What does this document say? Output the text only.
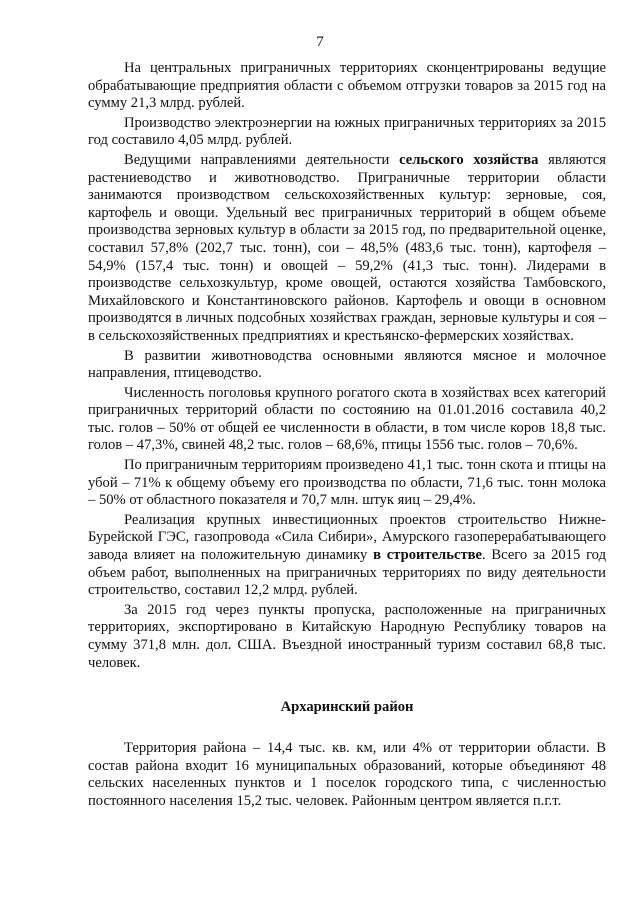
7

На центральных приграничных территориях сконцентрированы ведущие обрабатывающие предприятия области с объемом отгрузки товаров за 2015 год на сумму 21,3 млрд. рублей.

Производство электроэнергии на южных приграничных территориях за 2015 год составило 4,05 млрд. рублей.

Ведущими направлениями деятельности сельского хозяйства являются растениеводство и животноводство. Приграничные территории области занимаются производством сельскохозяйственных культур: зерновые, соя, картофель и овощи. Удельный вес приграничных территорий в общем объеме производства зерновых культур в области за 2015 год, по предварительной оценке, составил 57,8% (202,7 тыс. тонн), сои – 48,5% (483,6 тыс. тонн), картофеля – 54,9% (157,4 тыс. тонн) и овощей – 59,2% (41,3 тыс. тонн). Лидерами в производстве сельхозкультур, кроме овощей, остаются хозяйства Тамбовского, Михайловского и Константиновского районов. Картофель и овощи в основном производятся в личных подсобных хозяйствах граждан, зерновые культуры и соя – в сельскохозяйственных предприятиях и крестьянско-фермерских хозяйствах.

В развитии животноводства основными являются мясное и молочное направления, птицеводство.

Численность поголовья крупного рогатого скота в хозяйствах всех категорий приграничных территорий области по состоянию на 01.01.2016 составила 40,2 тыс. голов – 50% от общей ее численности в области, в том числе коров 18,8 тыс. голов – 47,3%, свиней 48,2 тыс. голов – 68,6%, птицы 1556 тыс. голов – 70,6%.

По приграничным территориям произведено 41,1 тыс. тонн скота и птицы на убой – 71% к общему объему его производства по области, 71,6 тыс. тонн молока – 50% от областного показателя и 70,7 млн. штук яиц – 29,4%.

Реализация крупных инвестиционных проектов строительство Нижне-Бурейской ГЭС, газопровода «Сила Сибири», Амурского газоперерабатывающего завода влияет на положительную динамику в строительстве. Всего за 2015 год объем работ, выполненных на приграничных территориях по виду деятельности строительство, составил 12,2 млрд. рублей.

За 2015 год через пункты пропуска, расположенные на приграничных территориях, экспортировано в Китайскую Народную Республику товаров на сумму 371,8 млн. дол. США. Въездной иностранный туризм составил 68,8 тыс. человек.

Архаринский район

Территория района – 14,4 тыс. кв. км, или 4% от территории области. В состав района входит 16 муниципальных образований, которые объединяют 48 сельских населенных пунктов и 1 поселок городского типа, с численностью постоянного населения 15,2 тыс. человек. Районным центром является п.г.т.
